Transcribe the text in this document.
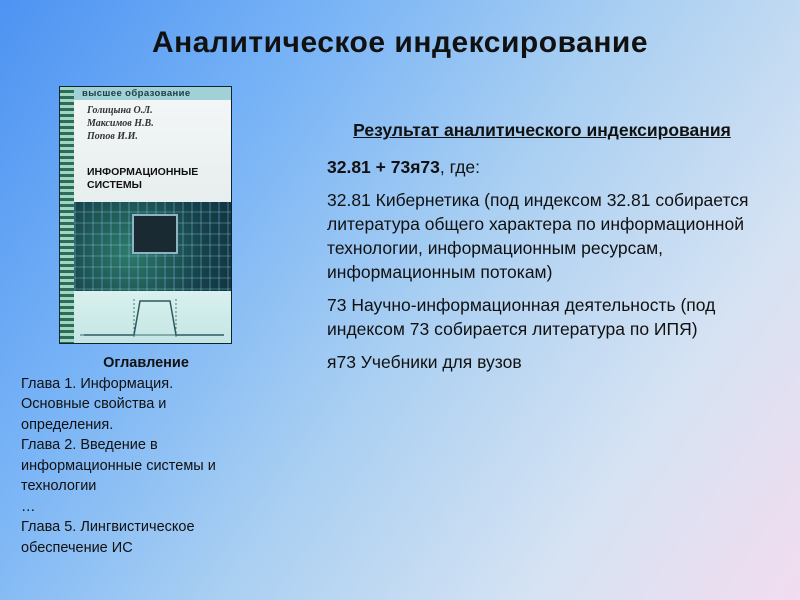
Аналитическое индексирование
высшее образование
Голицына О.Л.
Максимов Н.В.
Попов И.И.
ИНФОРМАЦИОННЫЕ
СИСТЕМЫ

Оглавление

Глава 1. Информация.

Основные свойства и

определения.

Глава 2. Введение в

информационные системы и

технологии

…

Глава 5. Лингвистическое

обеспечение ИС

Результат аналитического индексирования

32.81 + 73я73, где:

32.81 Кибернетика (под индексом 32.81 собирается литература общего характера по информационной технологии, информационным ресурсам, информационным потокам)

73 Научно-информационная деятельность (под индексом 73 собирается литература по ИПЯ)

я73 Учебники для вузов
